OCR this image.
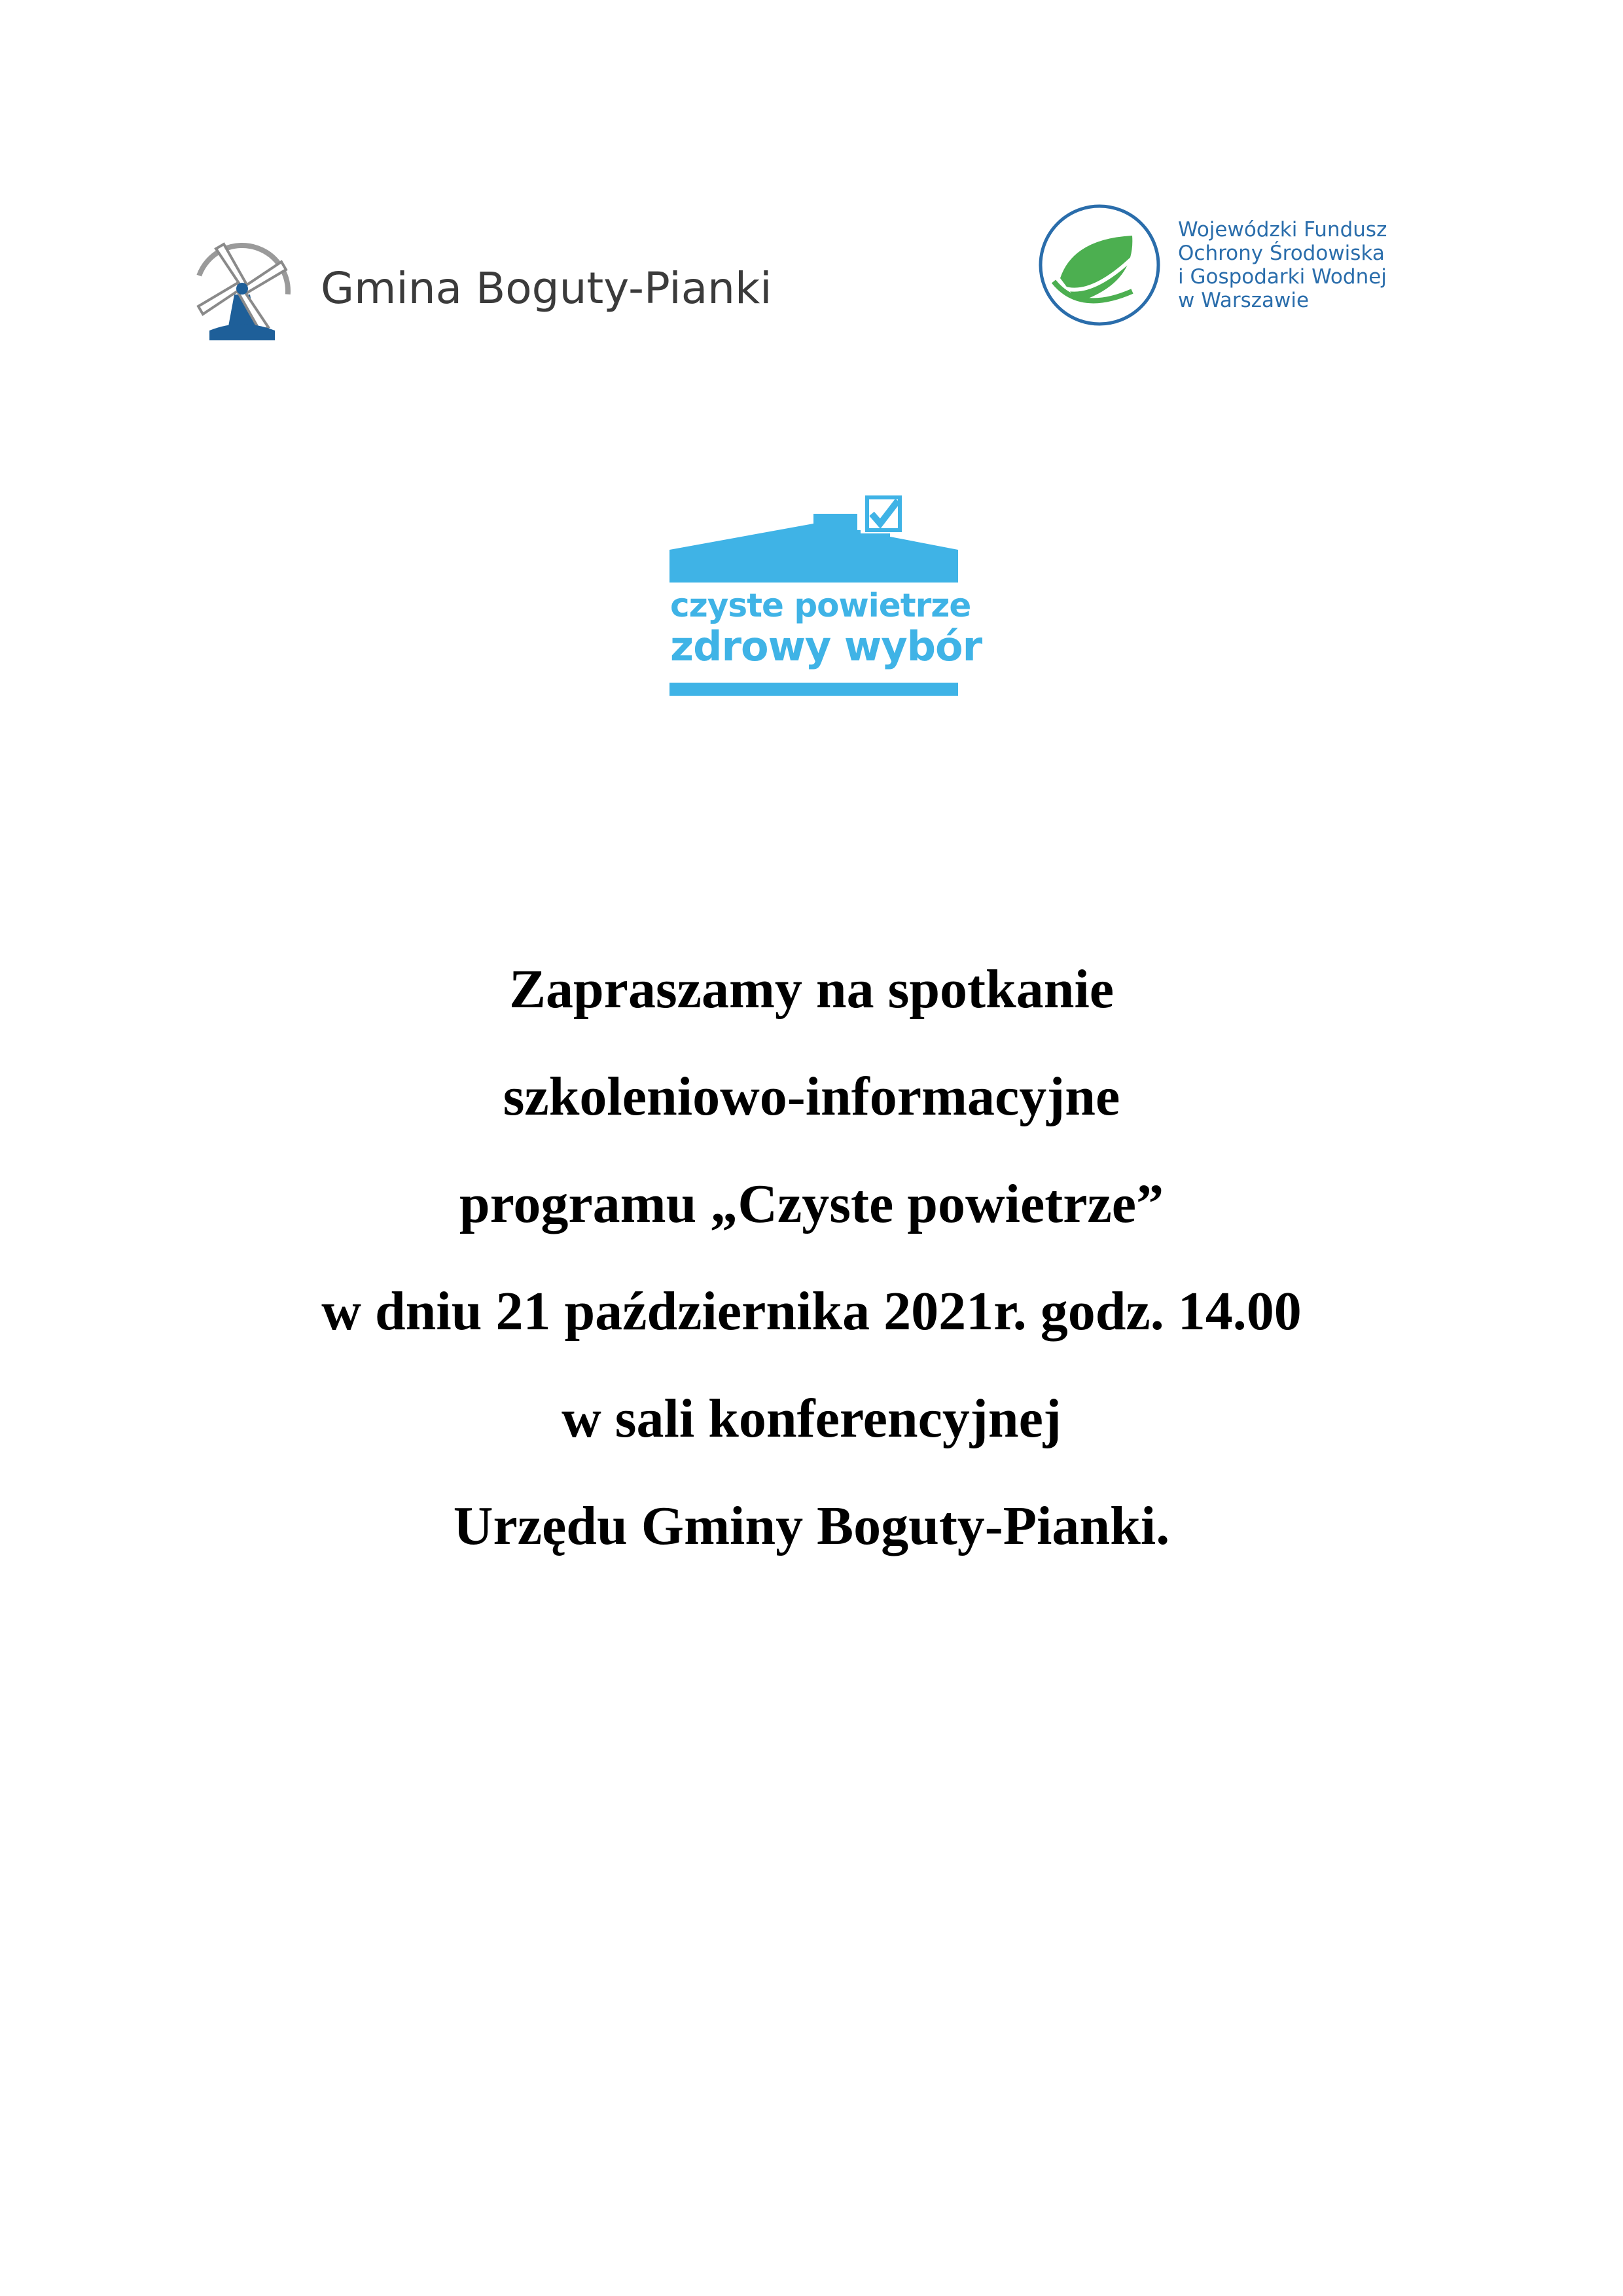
Gmina Boguty-Pianki
Wojewódzki Fundusz
Ochrony Środowiska
i Gospodarki Wodnej
w Warszawie
czyste powietrze
zdrowy wybór
Zapraszamy na spotkanie
szkoleniowo-informacyjne
programu „Czyste powietrze”
w dniu 21 października 2021r. godz. 14.00
w sali konferencyjnej
Urzędu Gminy Boguty-Pianki.
